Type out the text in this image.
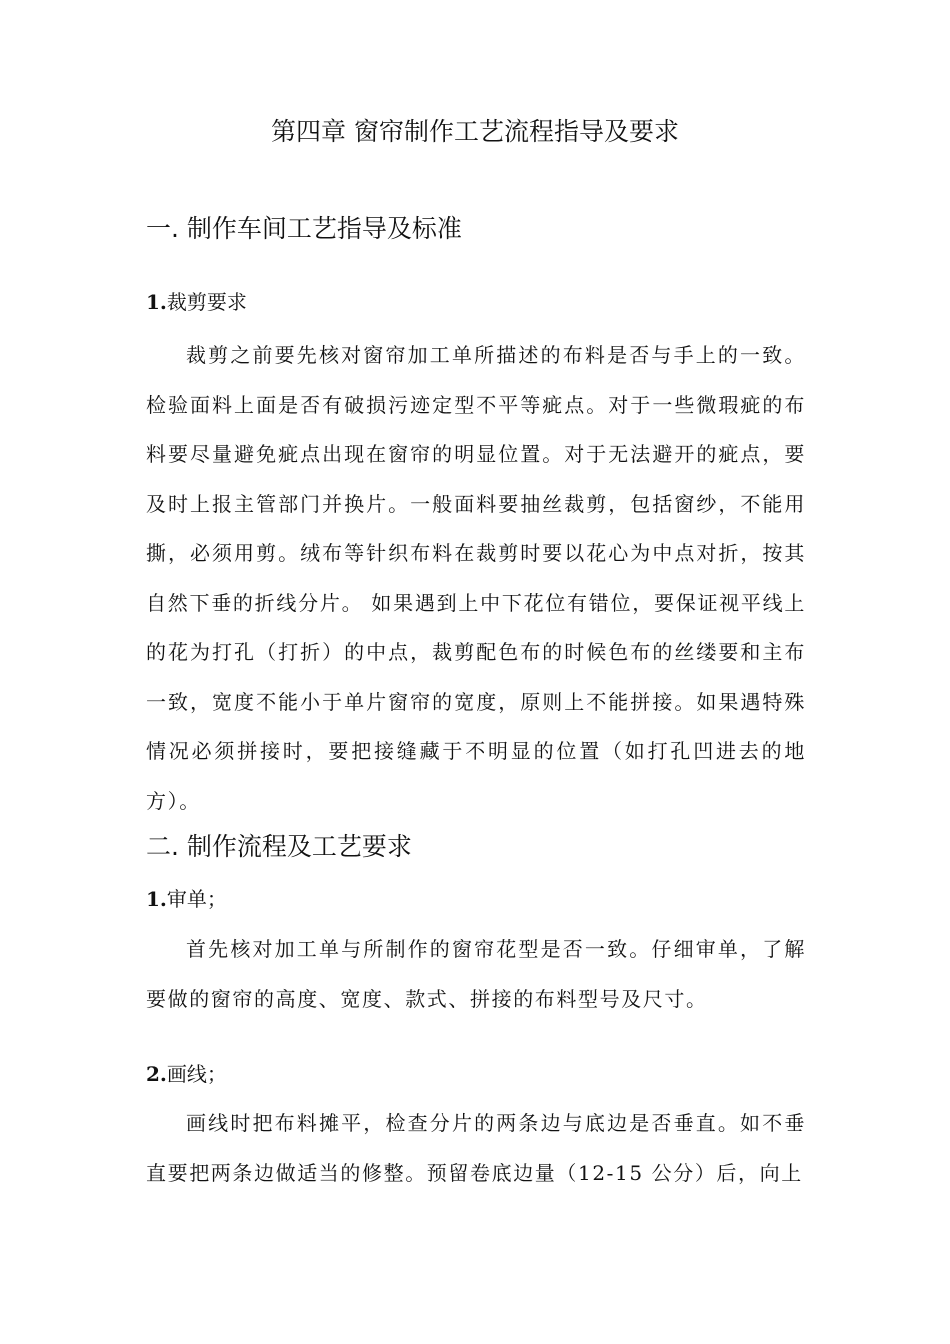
第四章 窗帘制作工艺流程指导及要求
一. 制作车间工艺指导及标准
1.裁剪要求

裁剪之前要先核对窗帘加工单所描述的布料是否与手上的一致。检验面料上面是否有破损污迹定型不平等疵点。对于一些微瑕疵的布料要尽量避免疵点出现在窗帘的明显位置。对于无法避开的疵点，要及时上报主管部门并换片。一般面料要抽丝裁剪，包括窗纱，不能用撕，必须用剪。绒布等针织布料在裁剪时要以花心为中点对折，按其自然下垂的折线分片。 如果遇到上中下花位有错位，要保证视平线上的花为打孔（打折）的中点，裁剪配色布的时候色布的丝缕要和主布一致，宽度不能小于单片窗帘的宽度，原则上不能拼接。如果遇特殊情况必须拼接时，要把接缝藏于不明显的位置（如打孔凹进去的地方）。

二. 制作流程及工艺要求
1.审单；

首先核对加工单与所制作的窗帘花型是否一致。仔细审单，了解要做的窗帘的高度、宽度、款式、拼接的布料型号及尺寸。

2.画线；

画线时把布料摊平，检查分片的两条边与底边是否垂直。如不垂直要把两条边做适当的修整。预留卷底边量（12-15 公分）后，向上
